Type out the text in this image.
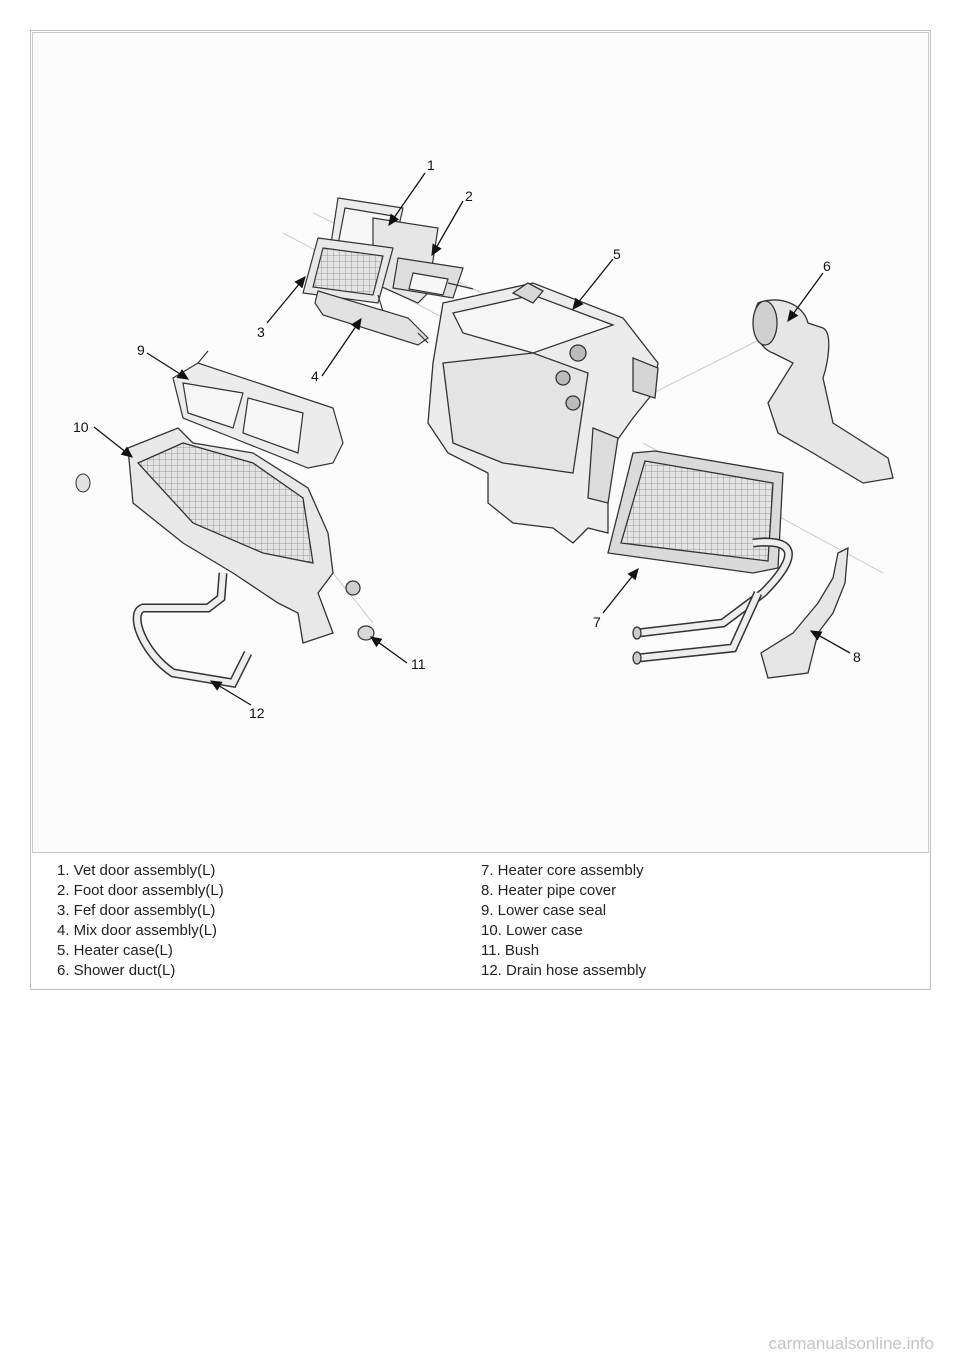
1
2
3
4
5
6
7
8
9
10
11
12
1. Vet door assembly(L)
2. Foot door assembly(L)
3. Fef door assembly(L)
4. Mix door assembly(L)
5. Heater case(L)
6. Shower duct(L)
7. Heater core assembly
8. Heater pipe cover
9. Lower case seal
10. Lower case
11. Bush
12. Drain hose assembly
carmanualsonline.info
